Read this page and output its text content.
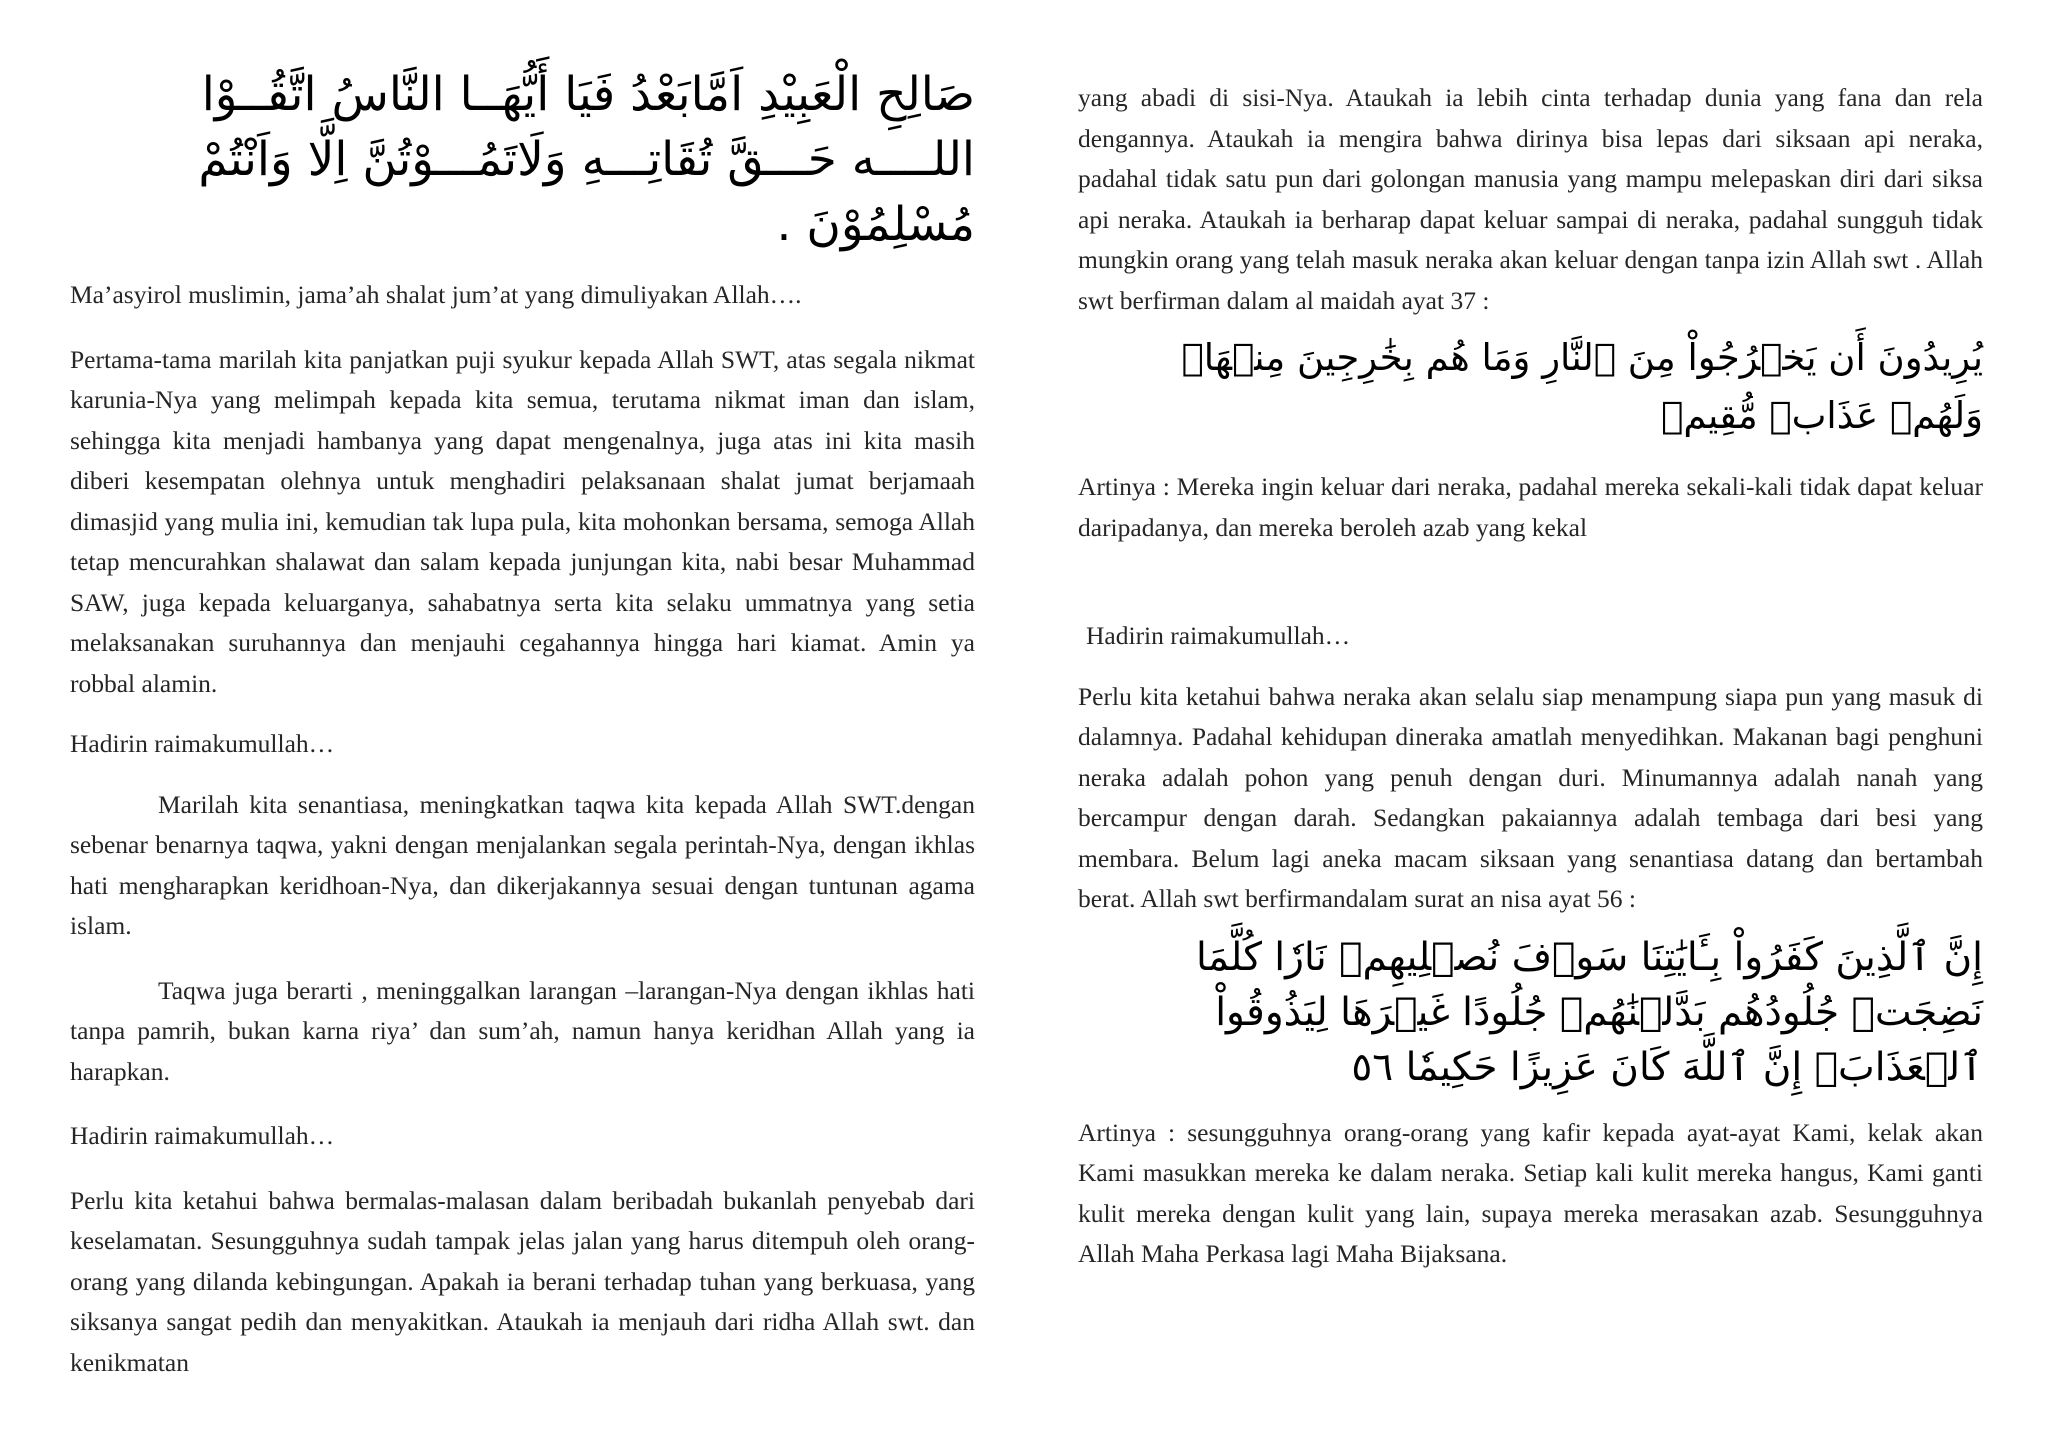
صَالِحِ الْعَبِيْدِ اَمَّابَعْدُ فَيَا أَيُّهَــا النَّاسُ اتَّقُــوْا اللــــه حَـــقَّ تُقَاتِـــهِ وَلَاتَمُـــوْتُنَّ اِلَّا وَاَنْتُمْ مُسْلِمُوْنَ .

Ma’asyirol muslimin, jama’ah shalat jum’at yang dimuliyakan Allah….

Pertama-tama marilah kita panjatkan puji syukur kepada Allah SWT, atas segala nikmat karunia-Nya yang melimpah kepada kita semua, terutama nikmat iman dan islam, sehingga kita menjadi hambanya yang dapat mengenalnya, juga atas ini kita masih diberi kesempatan olehnya untuk menghadiri pelaksanaan shalat jumat berjamaah dimasjid yang mulia ini, kemudian tak lupa pula, kita mohonkan bersama, semoga Allah tetap mencurahkan shalawat dan salam kepada junjungan kita, nabi besar Muhammad SAW, juga kepada keluarganya, sahabatnya serta kita selaku ummatnya yang setia melaksanakan suruhannya dan menjauhi cegahannya hingga hari kiamat. Amin ya robbal alamin.

Hadirin raimakumullah…

Marilah kita senantiasa, meningkatkan taqwa kita kepada Allah SWT.dengan sebenar benarnya taqwa, yakni dengan menjalankan segala perintah-Nya, dengan ikhlas hati mengharapkan keridhoan-Nya, dan dikerjakannya sesuai dengan tuntunan agama islam.

Taqwa juga berarti , meninggalkan larangan –larangan-Nya dengan ikhlas hati tanpa pamrih, bukan karna riya’ dan sum’ah, namun hanya keridhan Allah yang ia harapkan.

Hadirin raimakumullah…

Perlu kita ketahui bahwa bermalas-malasan dalam beribadah bukanlah penyebab dari keselamatan. Sesungguhnya sudah tampak jelas jalan yang harus ditempuh oleh orang-orang yang dilanda kebingungan. Apakah ia berani terhadap tuhan yang berkuasa, yang siksanya sangat pedih dan menyakitkan. Ataukah ia menjauh dari ridha Allah swt. dan kenikmatan

yang abadi di sisi-Nya. Ataukah ia lebih cinta terhadap dunia yang fana dan rela dengannya. Ataukah ia mengira bahwa dirinya bisa lepas dari siksaan api neraka, padahal tidak satu pun dari golongan manusia yang mampu melepaskan diri dari siksa api neraka. Ataukah ia berharap dapat keluar sampai di neraka, padahal sungguh tidak mungkin orang yang telah masuk neraka akan keluar dengan tanpa izin Allah swt . Allah swt berfirman dalam al maidah ayat 37 :

يُرِيدُونَ أَن يَخۡرُجُواْ مِنَ ٱلنَّارِ وَمَا هُم بِخَٰرِجِينَ مِنۡهَاۖ وَلَهُمۡ عَذَابٞ مُّقِيمٞ

Artinya : Mereka ingin keluar dari neraka, padahal mereka sekali-kali tidak dapat keluar daripadanya, dan mereka beroleh azab yang kekal

Hadirin raimakumullah…

Perlu kita ketahui bahwa neraka akan selalu siap menampung siapa pun yang masuk di dalamnya. Padahal kehidupan dineraka amatlah menyedihkan. Makanan bagi penghuni neraka adalah pohon yang penuh dengan duri. Minumannya adalah nanah yang bercampur dengan darah. Sedangkan pakaiannya adalah tembaga dari besi yang membara. Belum lagi aneka macam siksaan yang senantiasa datang dan bertambah berat. Allah swt berfirmandalam surat an nisa ayat 56 :

إِنَّ ٱلَّذِينَ كَفَرُواْ بِـَٔايَٰتِنَا سَوۡفَ نُصۡلِيهِمۡ نَارٗا كُلَّمَا نَضِجَتۡ جُلُودُهُم بَدَّلۡنَٰهُمۡ جُلُودًا غَيۡرَهَا لِيَذُوقُواْ ٱلۡعَذَابَۗ إِنَّ ٱللَّهَ كَانَ عَزِيزًا حَكِيمٗا ٥٦

Artinya : sesungguhnya orang-orang yang kafir kepada ayat-ayat Kami, kelak akan Kami masukkan mereka ke dalam neraka. Setiap kali kulit mereka hangus, Kami ganti kulit mereka dengan kulit yang lain, supaya mereka merasakan azab. Sesungguhnya Allah Maha Perkasa lagi Maha Bijaksana.
